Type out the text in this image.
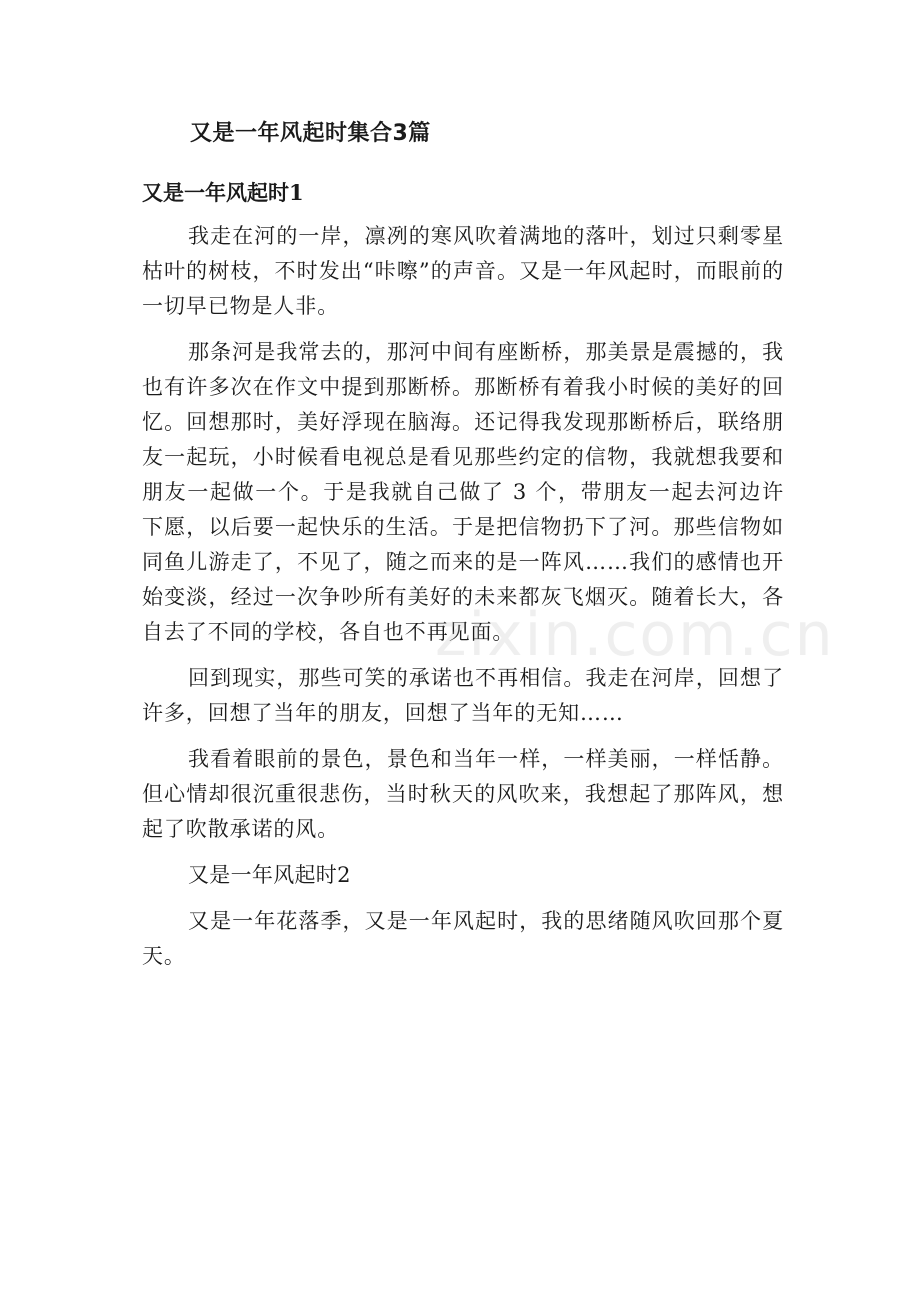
又是一年风起时集合3篇
又是一年风起时1

我走在河的一岸，凛冽的寒风吹着满地的落叶，划过只剩零星枯叶的树枝，不时发出“咔嚓”的声音。又是一年风起时，而眼前的一切早已物是人非。

那条河是我常去的，那河中间有座断桥，那美景是震撼的，我也有许多次在作文中提到那断桥。那断桥有着我小时候的美好的回忆。回想那时，美好浮现在脑海。还记得我发现那断桥后，联络朋友一起玩，小时候看电视总是看见那些约定的信物，我就想我要和朋友一起做一个。于是我就自己做了 3 个，带朋友一起去河边许下愿，以后要一起快乐的生活。于是把信物扔下了河。那些信物如同鱼儿游走了，不见了，随之而来的是一阵风……我们的感情也开始变淡，经过一次争吵所有美好的未来都灰飞烟灭。随着长大，各自去了不同的学校，各自也不再见面。

回到现实，那些可笑的承诺也不再相信。我走在河岸，回想了许多，回想了当年的朋友，回想了当年的无知……

我看着眼前的景色，景色和当年一样，一样美丽，一样恬静。但心情却很沉重很悲伤，当时秋天的风吹来，我想起了那阵风，想起了吹散承诺的风。

又是一年风起时2

又是一年花落季，又是一年风起时，我的思绪随风吹回那个夏天。

zixin.com.cn
